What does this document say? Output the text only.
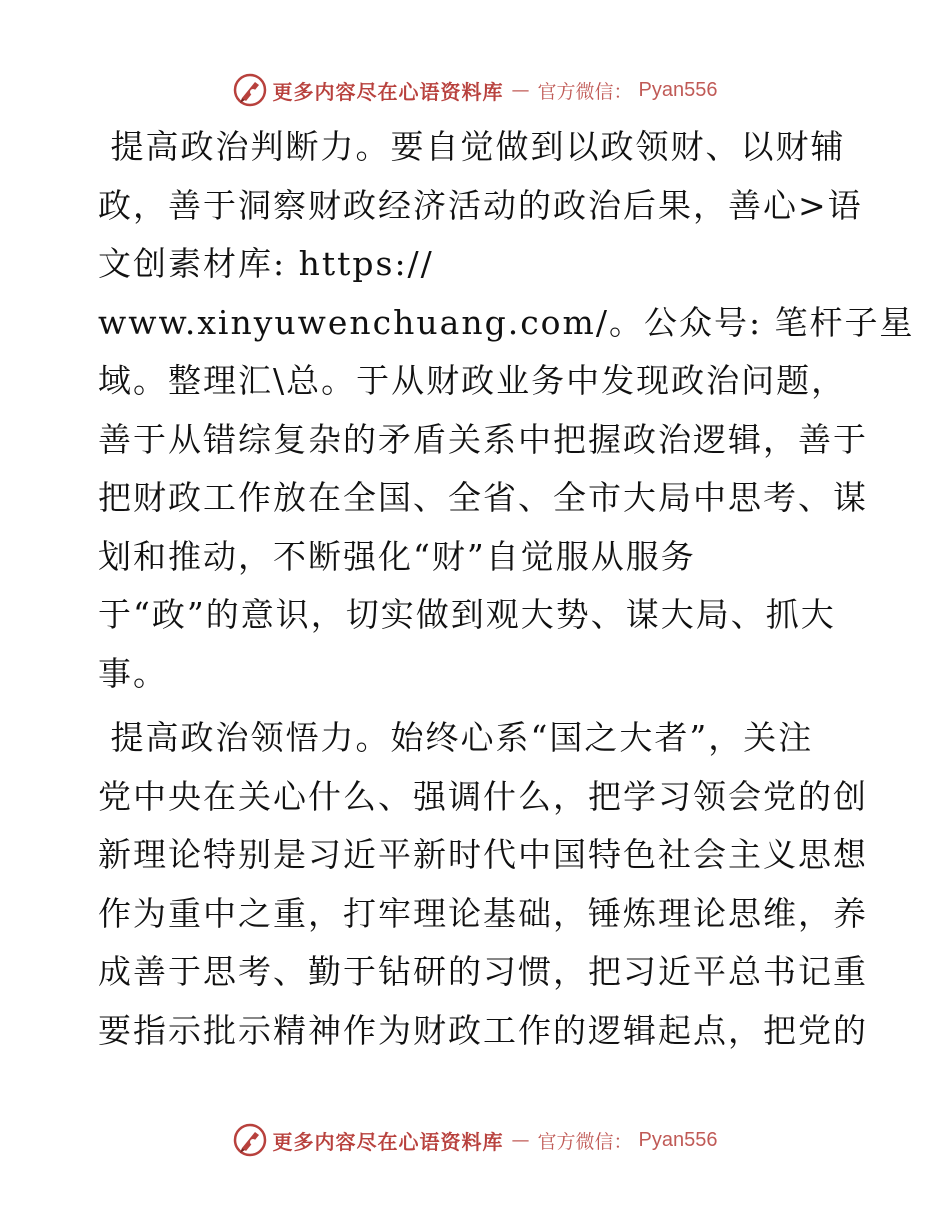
更多内容尽在心语资料库 — 官方微信： Pyan556
提高政治判断力。要自觉做到以政领财、以财辅
政，善于洞察财政经济活动的政治后果，善心>语
文创素材库: https://
www.xinyuwenchuang.com/。公众号: 笔杆子星
域。整理汇\总。于从财政业务中发现政治问题，
善于从错综复杂的矛盾关系中把握政治逻辑，善于
把财政工作放在全国、全省、全市大局中思考、谋
划和推动，不断强化“财”自觉服从服务
于“政”的意识，切实做到观大势、谋大局、抓大
事。
提高政治领悟力。始终心系“国之大者”，关注
党中央在关心什么、强调什么，把学习领会党的创
新理论特别是习近平新时代中国特色社会主义思想
作为重中之重，打牢理论基础，锤炼理论思维，养
成善于思考、勤于钻研的习惯，把习近平总书记重
要指示批示精神作为财政工作的逻辑起点，把党的
更多内容尽在心语资料库 — 官方微信： Pyan556
